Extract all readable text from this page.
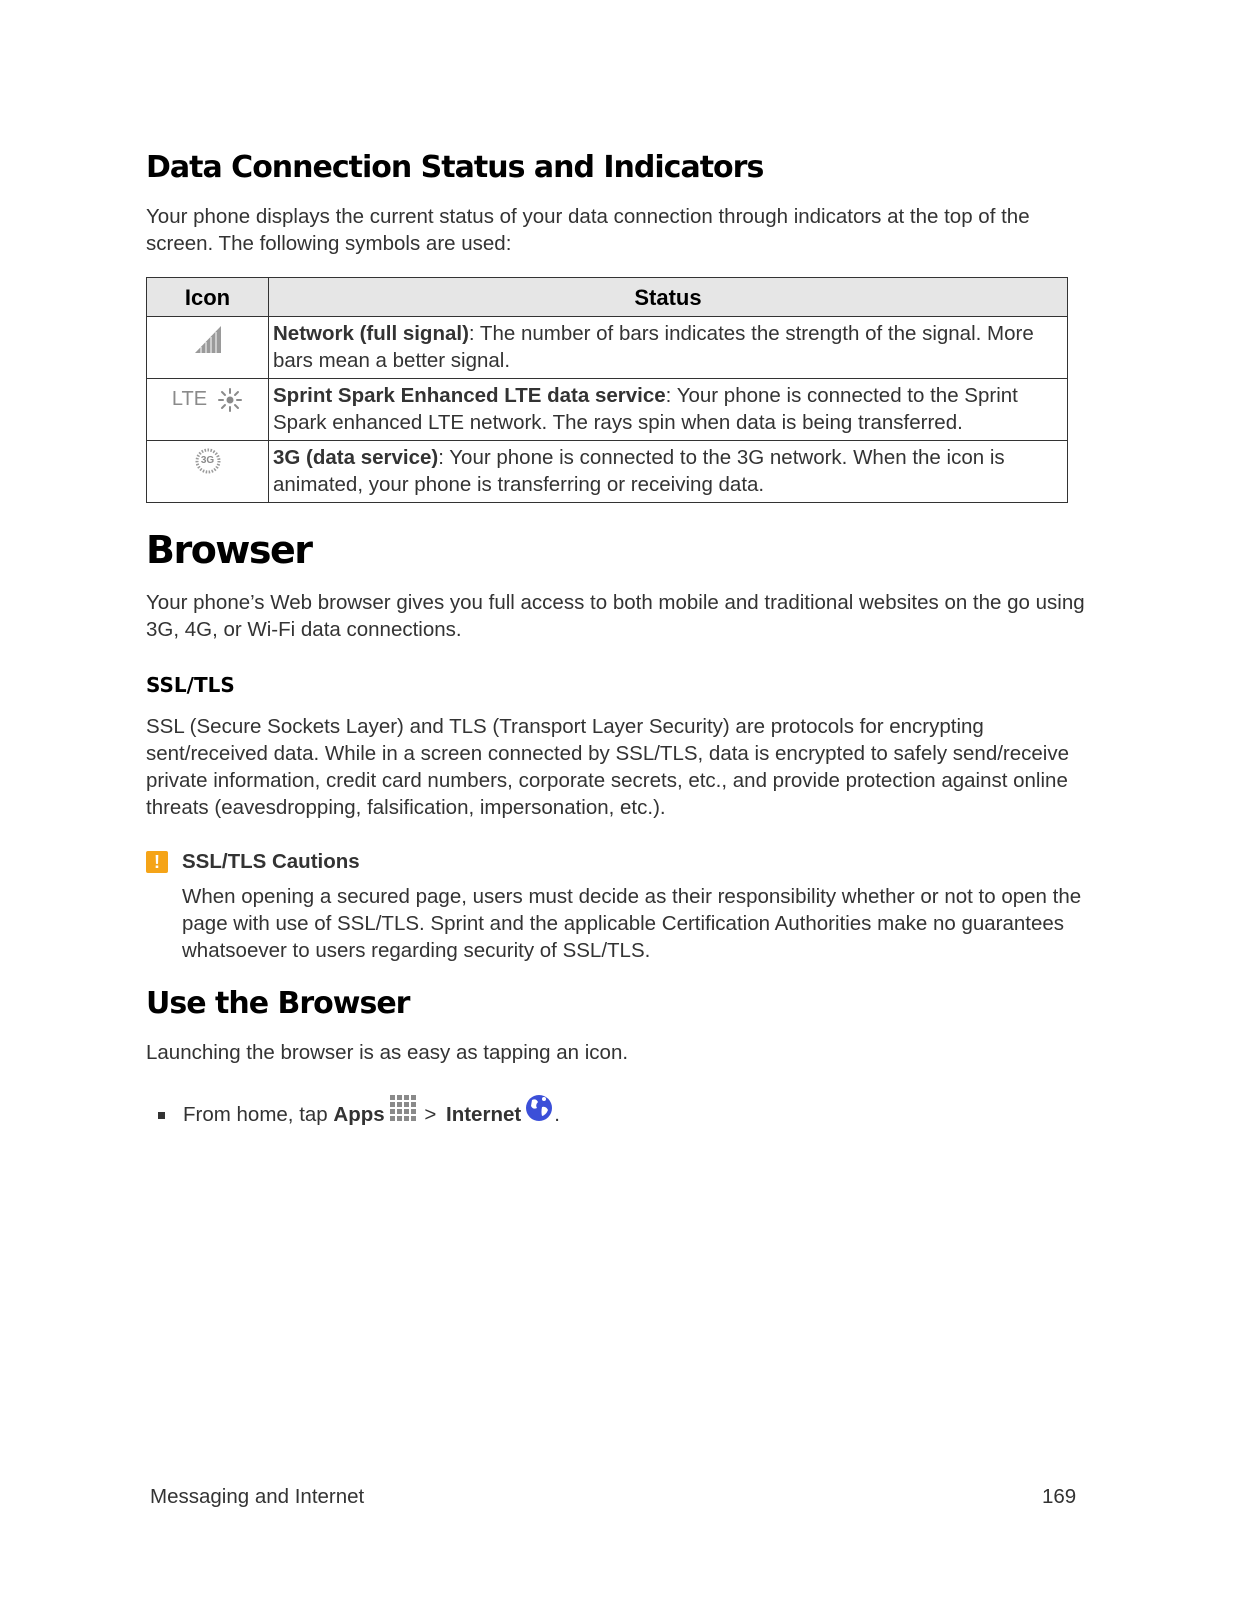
Data Connection Status and Indicators

Your phone displays the current status of your data connection through indicators at the top of the screen. The following symbols are used:

Icon	Status
	Network (full signal): The number of bars indicates the strength of the signal. More bars mean a better signal.

LTE	Sprint Spark Enhanced LTE data service: Your phone is connected to the Sprint Spark enhanced LTE network. The rays spin when data is being transferred.

3G	3G (data service): Your phone is connected to the 3G network. When the icon is animated, your phone is transferring or receiving data.
Browser

Your phone’s Web browser gives you full access to both mobile and traditional websites on the go using 3G, 4G, or Wi-Fi data connections.

SSL/TLS

SSL (Secure Sockets Layer) and TLS (Transport Layer Security) are protocols for encrypting sent/received data. While in a screen connected by SSL/TLS, data is encrypted to safely send/receive private information, credit card numbers, corporate secrets, etc., and provide protection against online threats (eavesdropping, falsification, impersonation, etc.).

!	SSL/TLS Cautions

When opening a secured page, users must decide as their responsibility whether or not to open the page with use of SSL/TLS. Sprint and the applicable Certification Authorities make no guarantees whatsoever to users regarding security of SSL/TLS.

Use the Browser

Launching the browser is as easy as tapping an icon.

From home, tap Apps > Internet .
Messaging and Internet	169
